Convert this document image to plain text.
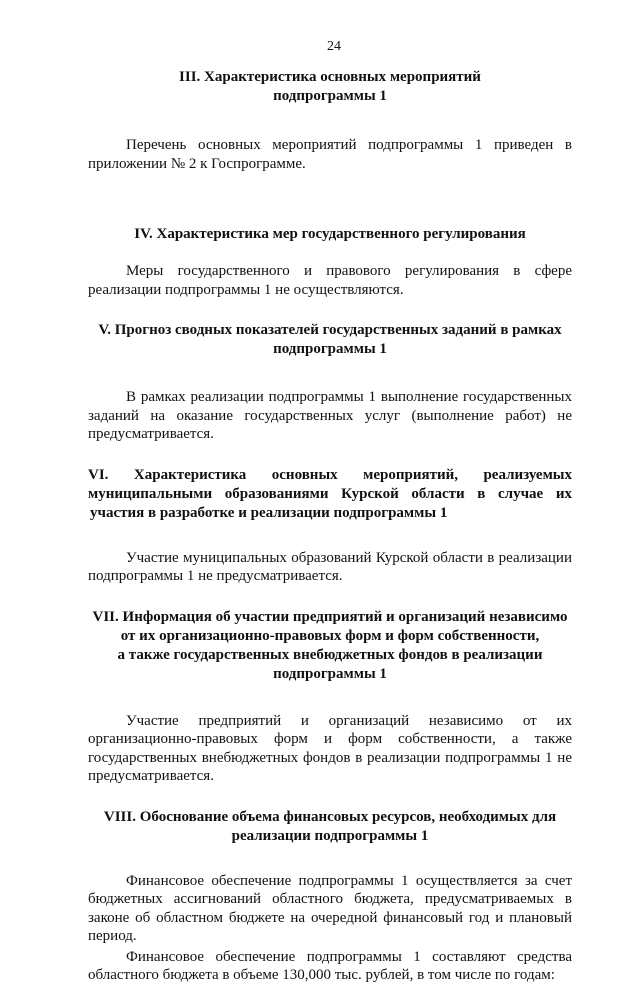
24
III. Характеристика основных мероприятий
подпрограммы 1

Перечень основных мероприятий подпрограммы 1 приведен в приложении № 2 к Госпрограмме.

IV. Характеристика мер государственного регулирования

Меры государственного и правового регулирования в сфере реализации подпрограммы 1 не осуществляются.

V. Прогноз сводных показателей государственных заданий в рамках
подпрограммы 1

В рамках реализации подпрограммы 1 выполнение государственных заданий на оказание государственных услуг (выполнение работ) не предусматривается.

VI. Характеристика основных мероприятий, реализуемых
муниципальными образованиями Курской области в случае их
участия в разработке и реализации подпрограммы 1

Участие муниципальных образований Курской области в реализации подпрограммы 1 не предусматривается.

VII. Информация об участии предприятий и организаций независимо
от их организационно-правовых форм и форм собственности,
а также государственных внебюджетных фондов в реализации
подпрограммы 1

Участие предприятий и организаций независимо от их организационно-правовых форм и форм собственности, а также государственных внебюджетных фондов в реализации подпрограммы 1 не предусматривается.

VIII. Обоснование объема финансовых ресурсов, необходимых для
реализации подпрограммы 1

Финансовое обеспечение подпрограммы 1 осуществляется за счет бюджетных ассигнований областного бюджета, предусматриваемых в законе об областном бюджете на очередной финансовый год и плановый период.

Финансовое обеспечение подпрограммы 1 составляют средства областного бюджета в объеме 130,000 тыс. рублей, в том числе по годам:
